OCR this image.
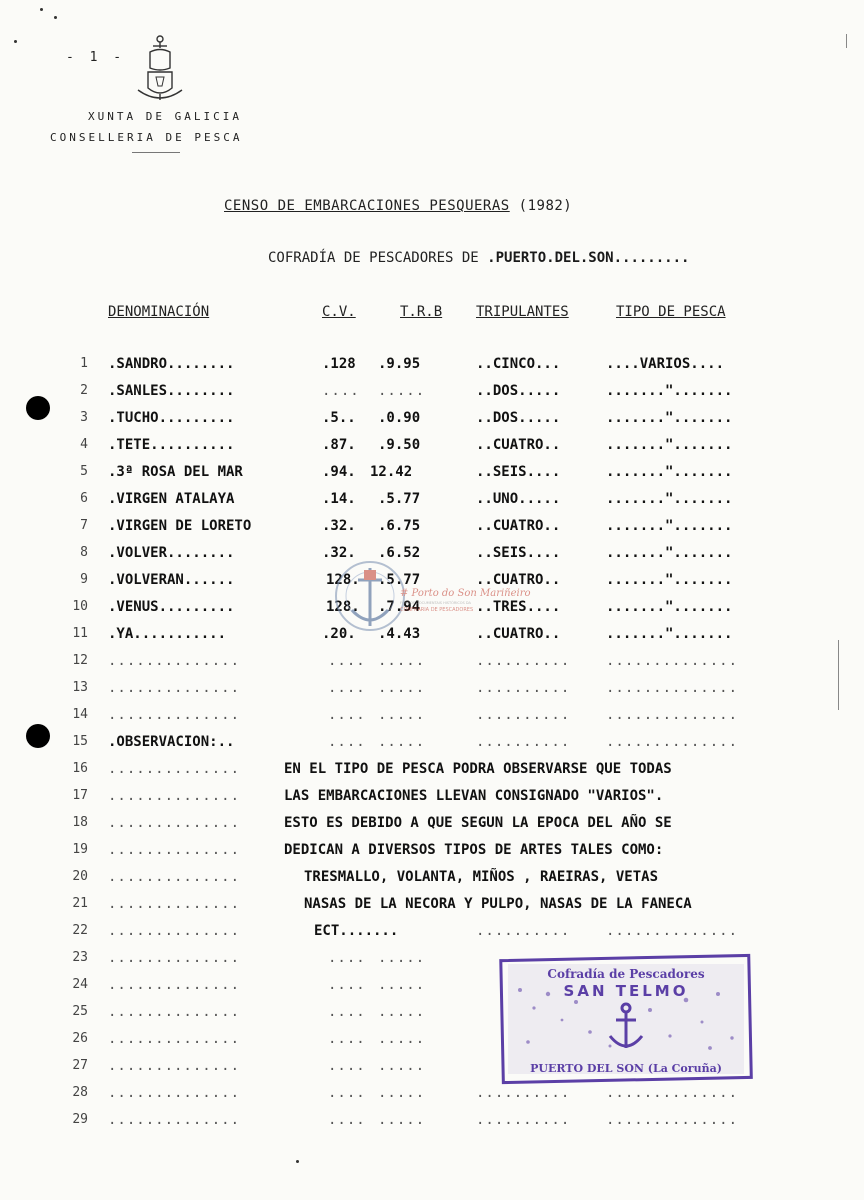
- 1 -
XUNTA DE GALICIA
CONSELLERIA DE PESCA
CENSO DE EMBARCACIONES PESQUERAS (1982)
COFRADÍA DE PESCADORES DE .PUERTO.DEL.SON.........
DENOMINACIÓN	C.V.	T.R.B TRIPULANTES	TIPO DE PESCA
1 .SANDRO........	.128 .9.95	..CINCO...	....VARIOS....
2 .SANLES........	.... .....	..DOS.....	.......".......
3 .TUCHO.........	.5.. .0.90	..DOS.....	.......".......
4 .TETE..........	.87. .9.50	..CUATRO..	.......".......
5 .3ª ROSA DEL MAR	.94. 12.42	..SEIS....	.......".......
6 .VIRGEN ATALAYA	.14. .5.77	..UNO.....	.......".......
7 .VIRGEN DE LORETO	.32. .6.75	..CUATRO..	.......".......
8 .VOLVER........	.32. .6.52	..SEIS....	.......".......
9 .VOLVERAN......	128. .5.77	..CUATRO..	.......".......
10 .VENUS.........	128. .7.94	..TRES....	.......".......
11 .YA...........	.20. .4.43	..CUATRO..	.......".......
12 ..............	.... .....	..........	..............
13 ..............	.... .....	..........	..............
14 ..............	.... .....	..........	..............
15 .OBSERVACION:..	.... .....	..........	..............
16 ..............	EN EL TIPO DE PESCA PODRA OBSERVARSE QUE TODAS
17 ..............	LAS EMBARCACIONES LLEVAN CONSIGNADO "VARIOS".
18 ..............	ESTO ES DEBIDO A QUE SEGUN LA EPOCA DEL AÑO SE
19 ..............	DEDICAN A DIVERSOS TIPOS DE ARTES TALES COMO:
20 ..............	TRESMALLO, VOLANTA, MIÑOS , RAEIRAS, VETAS
21 ..............	NASAS DE LA NECORA Y PULPO, NASAS DE LA FANECA
22 ..............	ECT.......	..........	..............
23 ..............	.... .....
24 ..............	.... .....
25 ..............	.... .....
26 ..............	.... .....
27 ..............	.... .....
28 ..............	.... .....	..........	..............
29 ..............	.... .....	..........	..............
# Porto do Son Mariñeiro
FONDOS DOCUMENTAIS HISTÓRICOS DA
CONFRARIA DE PESCADORES
Cofradía de Pescadores
SAN TELMO
PUERTO DEL SON (La Coruña)
